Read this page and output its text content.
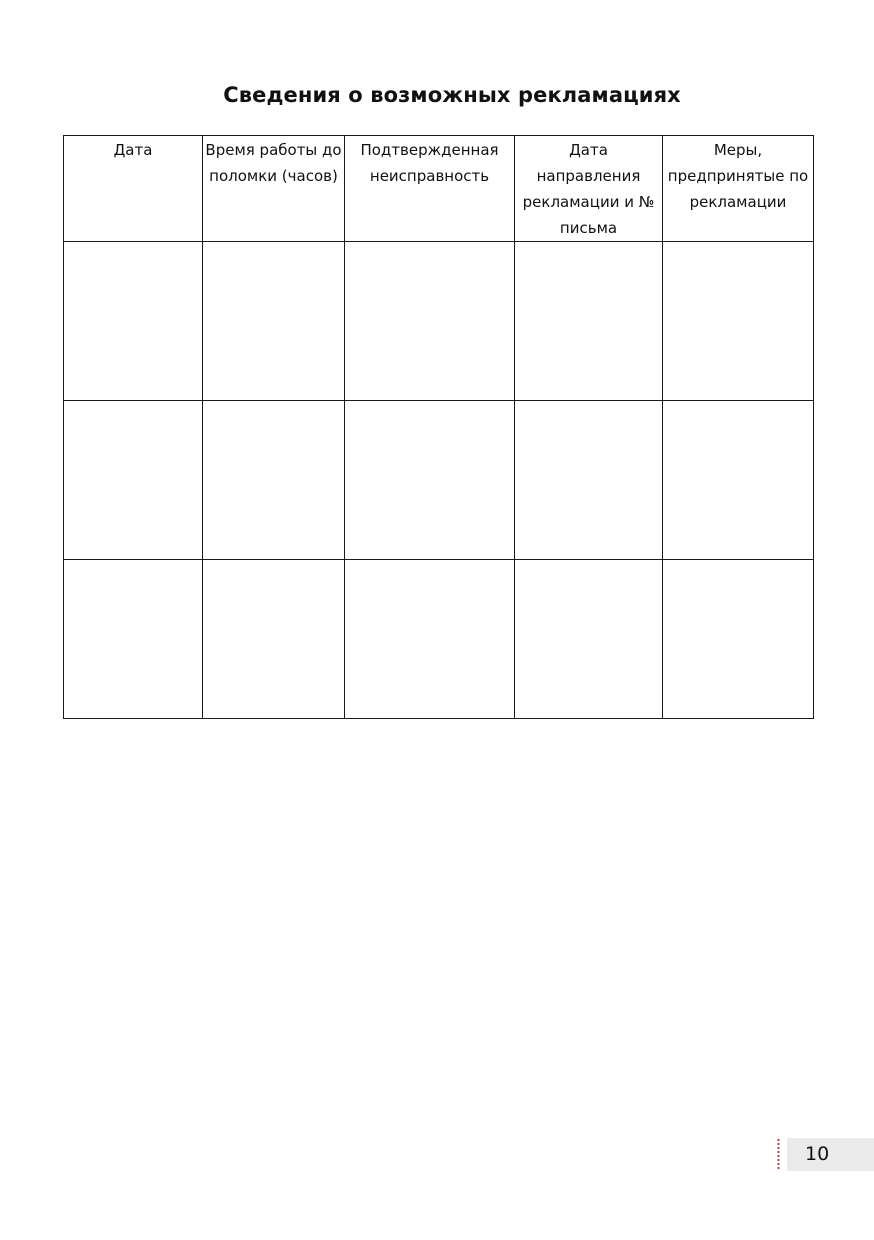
Сведения о возможных рекламациях
Дата	Время работы до поломки (часов)	Подтвержденная неисправность	Дата направления рекламации и № письма	Меры, предпринятые по рекламации

10
